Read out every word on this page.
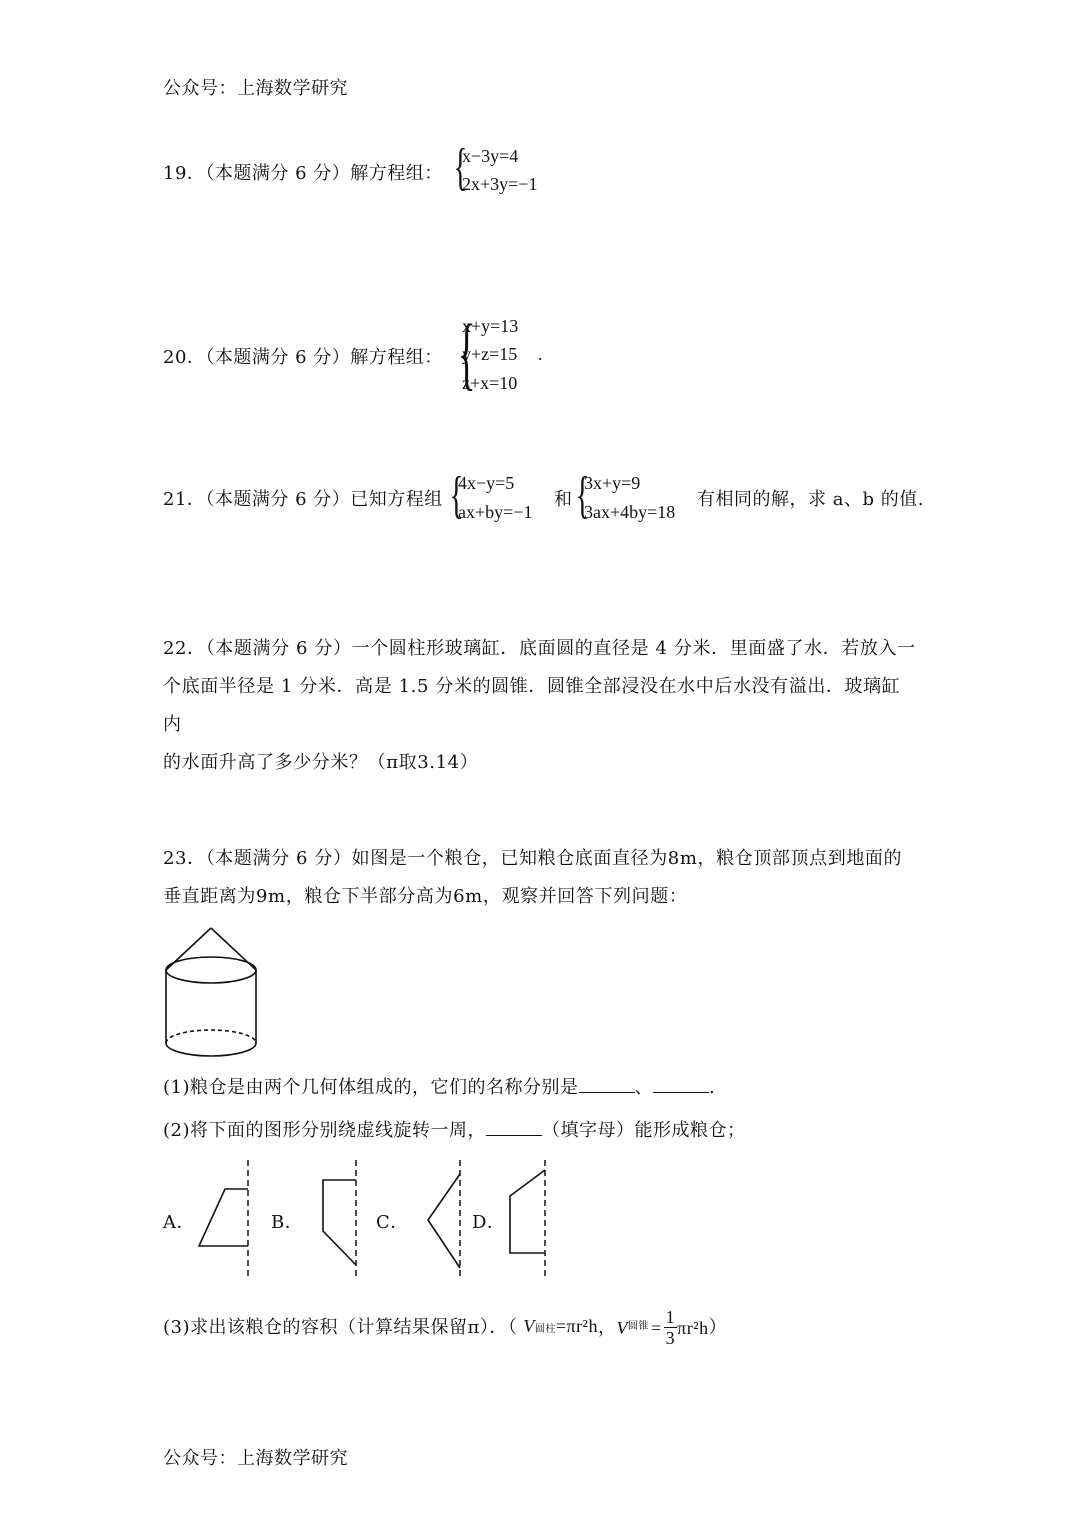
公众号：上海数学研究
19．（本题满分 6 分）解方程组： {
x−3y=4
2x+3y=−1
20．（本题满分 6 分）解方程组： {
x+y=13
y+z=15 .
z+x=10
21．（本题满分 6 分）已知方程组 {
4x−y=5
ax+by=−1
和 {
3x+y=9
3ax+4by=18
有相同的解，求 a、b 的值.
22．（本题满分 6 分）一个圆柱形玻璃缸．底面圆的直径是 4 分米．里面盛了水．若放入一
个底面半径是 1 分米．高是 1.5 分米的圆锥．圆锥全部浸没在水中后水没有溢出．玻璃缸内
的水面升高了多少分米？（π取3.14）
23．（本题满分 6 分）如图是一个粮仓，已知粮仓底面直径为8m，粮仓顶部顶点到地面的
垂直距离为9m，粮仓下半部分高为6m，观察并回答下列问题：
(1)粮仓是由两个几何体组成的，它们的名称分别是	、	.
(2)将下面的图形分别绕虚线旋转一周，	（填字母）能形成粮仓；
A．	B．	C．	D．
(3)求出该粮仓的容积（计算结果保留π）．（ V圆柱=πr²h ， V 圆锥 = $\frac{1}{3} \pi r^2h$ ）
公众号：上海数学研究
